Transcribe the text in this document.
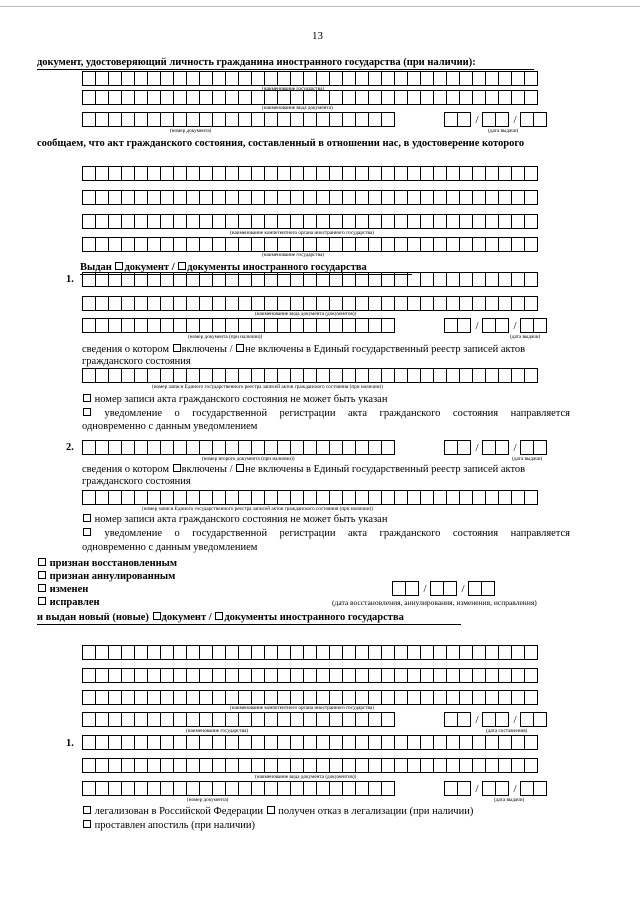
13
документ, удостоверяющий личность гражданина иностранного государства (при наличии):
(наименование государства)
(наименование вида документа)
/	/
(номер документа)	(дата выдачи)
сообщаем, что акт гражданского состояния, составленный в отношении нас, в удостоверение которого
(наименование компетентного органа иностранного государства)
(наименование государства)
Выдан документ / документы иностранного государства
1.
(наименование вида документа (документов))
/	/
(номер документа (при наличии))	(дата выдачи)
сведения о котором включены / не включены в Единый государственный реестр записей актов
гражданского состояния
(номер записи Единого государственного реестра записей актов гражданского состояния (при наличии))
номер записи акта гражданского состояния не может быть указан
уведомление о государственной регистрации акта гражданского состояния направляется
одновременно с данным уведомлением
2.	/	/
(номер второго документа (при наличии))	(дата выдачи)
сведения о котором включены / не включены в Единый государственный реестр записей актов
гражданского состояния
(номер записи Единого государственного реестра записей актов гражданского состояния (при наличии))
номер записи акта гражданского состояния не может быть указан
уведомление о государственной регистрации акта гражданского состояния направляется
одновременно с данным уведомлением
признан восстановленным
признан аннулированным
изменен
исправлен
/	/
(дата восстановления, аннулирования, изменения, исправления)
и выдан новый (новые) документ / документы иностранного государства
(наименование компетентного органа иностранного государства)
/	/
(наименование государства)	(дата составления)
1.
(наименование вида документа (документов))
/	/
(номер документа)	(дата выдачи)
легализован в Российской Федерации получен отказ в легализации (при наличии)
проставлен апостиль (при наличии)
